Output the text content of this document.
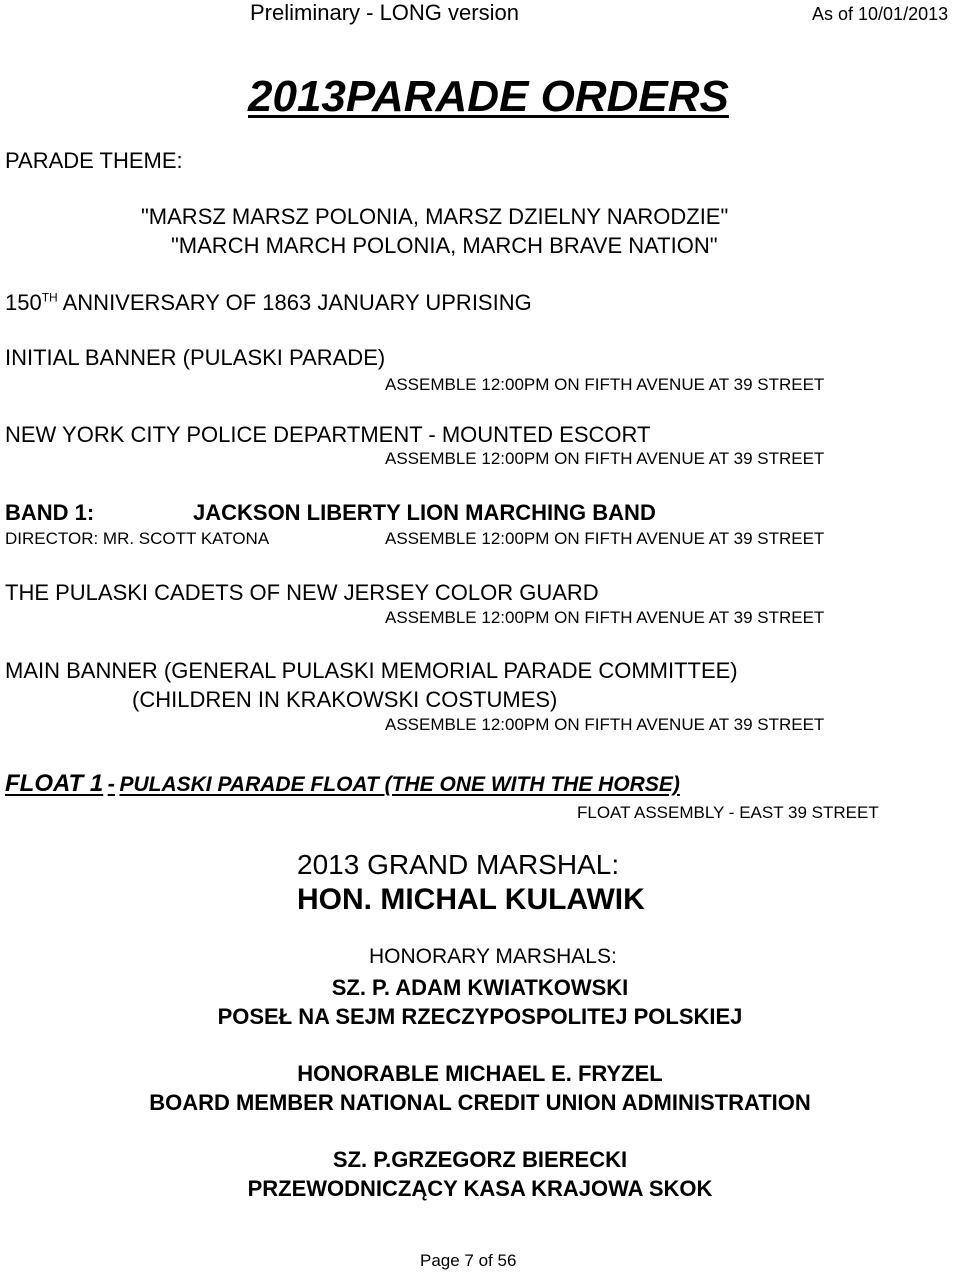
Preliminary - LONG version	As of 10/01/2013
2013PARADE ORDERS
PARADE THEME:
"MARSZ MARSZ POLONIA, MARSZ DZIELNY NARODZIE"
"MARCH MARCH POLONIA, MARCH BRAVE NATION"
150TH ANNIVERSARY OF 1863 JANUARY UPRISING
INITIAL BANNER (PULASKI PARADE)
ASSEMBLE 12:00PM ON FIFTH AVENUE AT 39 STREET
NEW YORK CITY POLICE DEPARTMENT - MOUNTED ESCORT
ASSEMBLE 12:00PM ON FIFTH AVENUE AT 39 STREET
BAND 1:	JACKSON LIBERTY LION MARCHING BAND
DIRECTOR: MR. SCOTT KATONA	ASSEMBLE 12:00PM ON FIFTH AVENUE AT 39 STREET
THE PULASKI CADETS OF NEW JERSEY COLOR GUARD
ASSEMBLE 12:00PM ON FIFTH AVENUE AT 39 STREET
MAIN BANNER (GENERAL PULASKI MEMORIAL PARADE COMMITTEE)
(CHILDREN IN KRAKOWSKI COSTUMES)
ASSEMBLE 12:00PM ON FIFTH AVENUE AT 39 STREET
FLOAT 1 - PULASKI PARADE FLOAT (THE ONE WITH THE HORSE)
FLOAT ASSEMBLY - EAST 39 STREET
2013 GRAND MARSHAL:
HON. MICHAL KULAWIK
HONORARY MARSHALS:
SZ. P. ADAM KWIATKOWSKI
POSEŁ NA SEJM RZECZYPOSPOLITEJ POLSKIEJ
HONORABLE MICHAEL E. FRYZEL
BOARD MEMBER NATIONAL CREDIT UNION ADMINISTRATION
SZ. P.GRZEGORZ BIERECKI
PRZEWODNICZĄCY KASA KRAJOWA SKOK
Page 7 of 56
